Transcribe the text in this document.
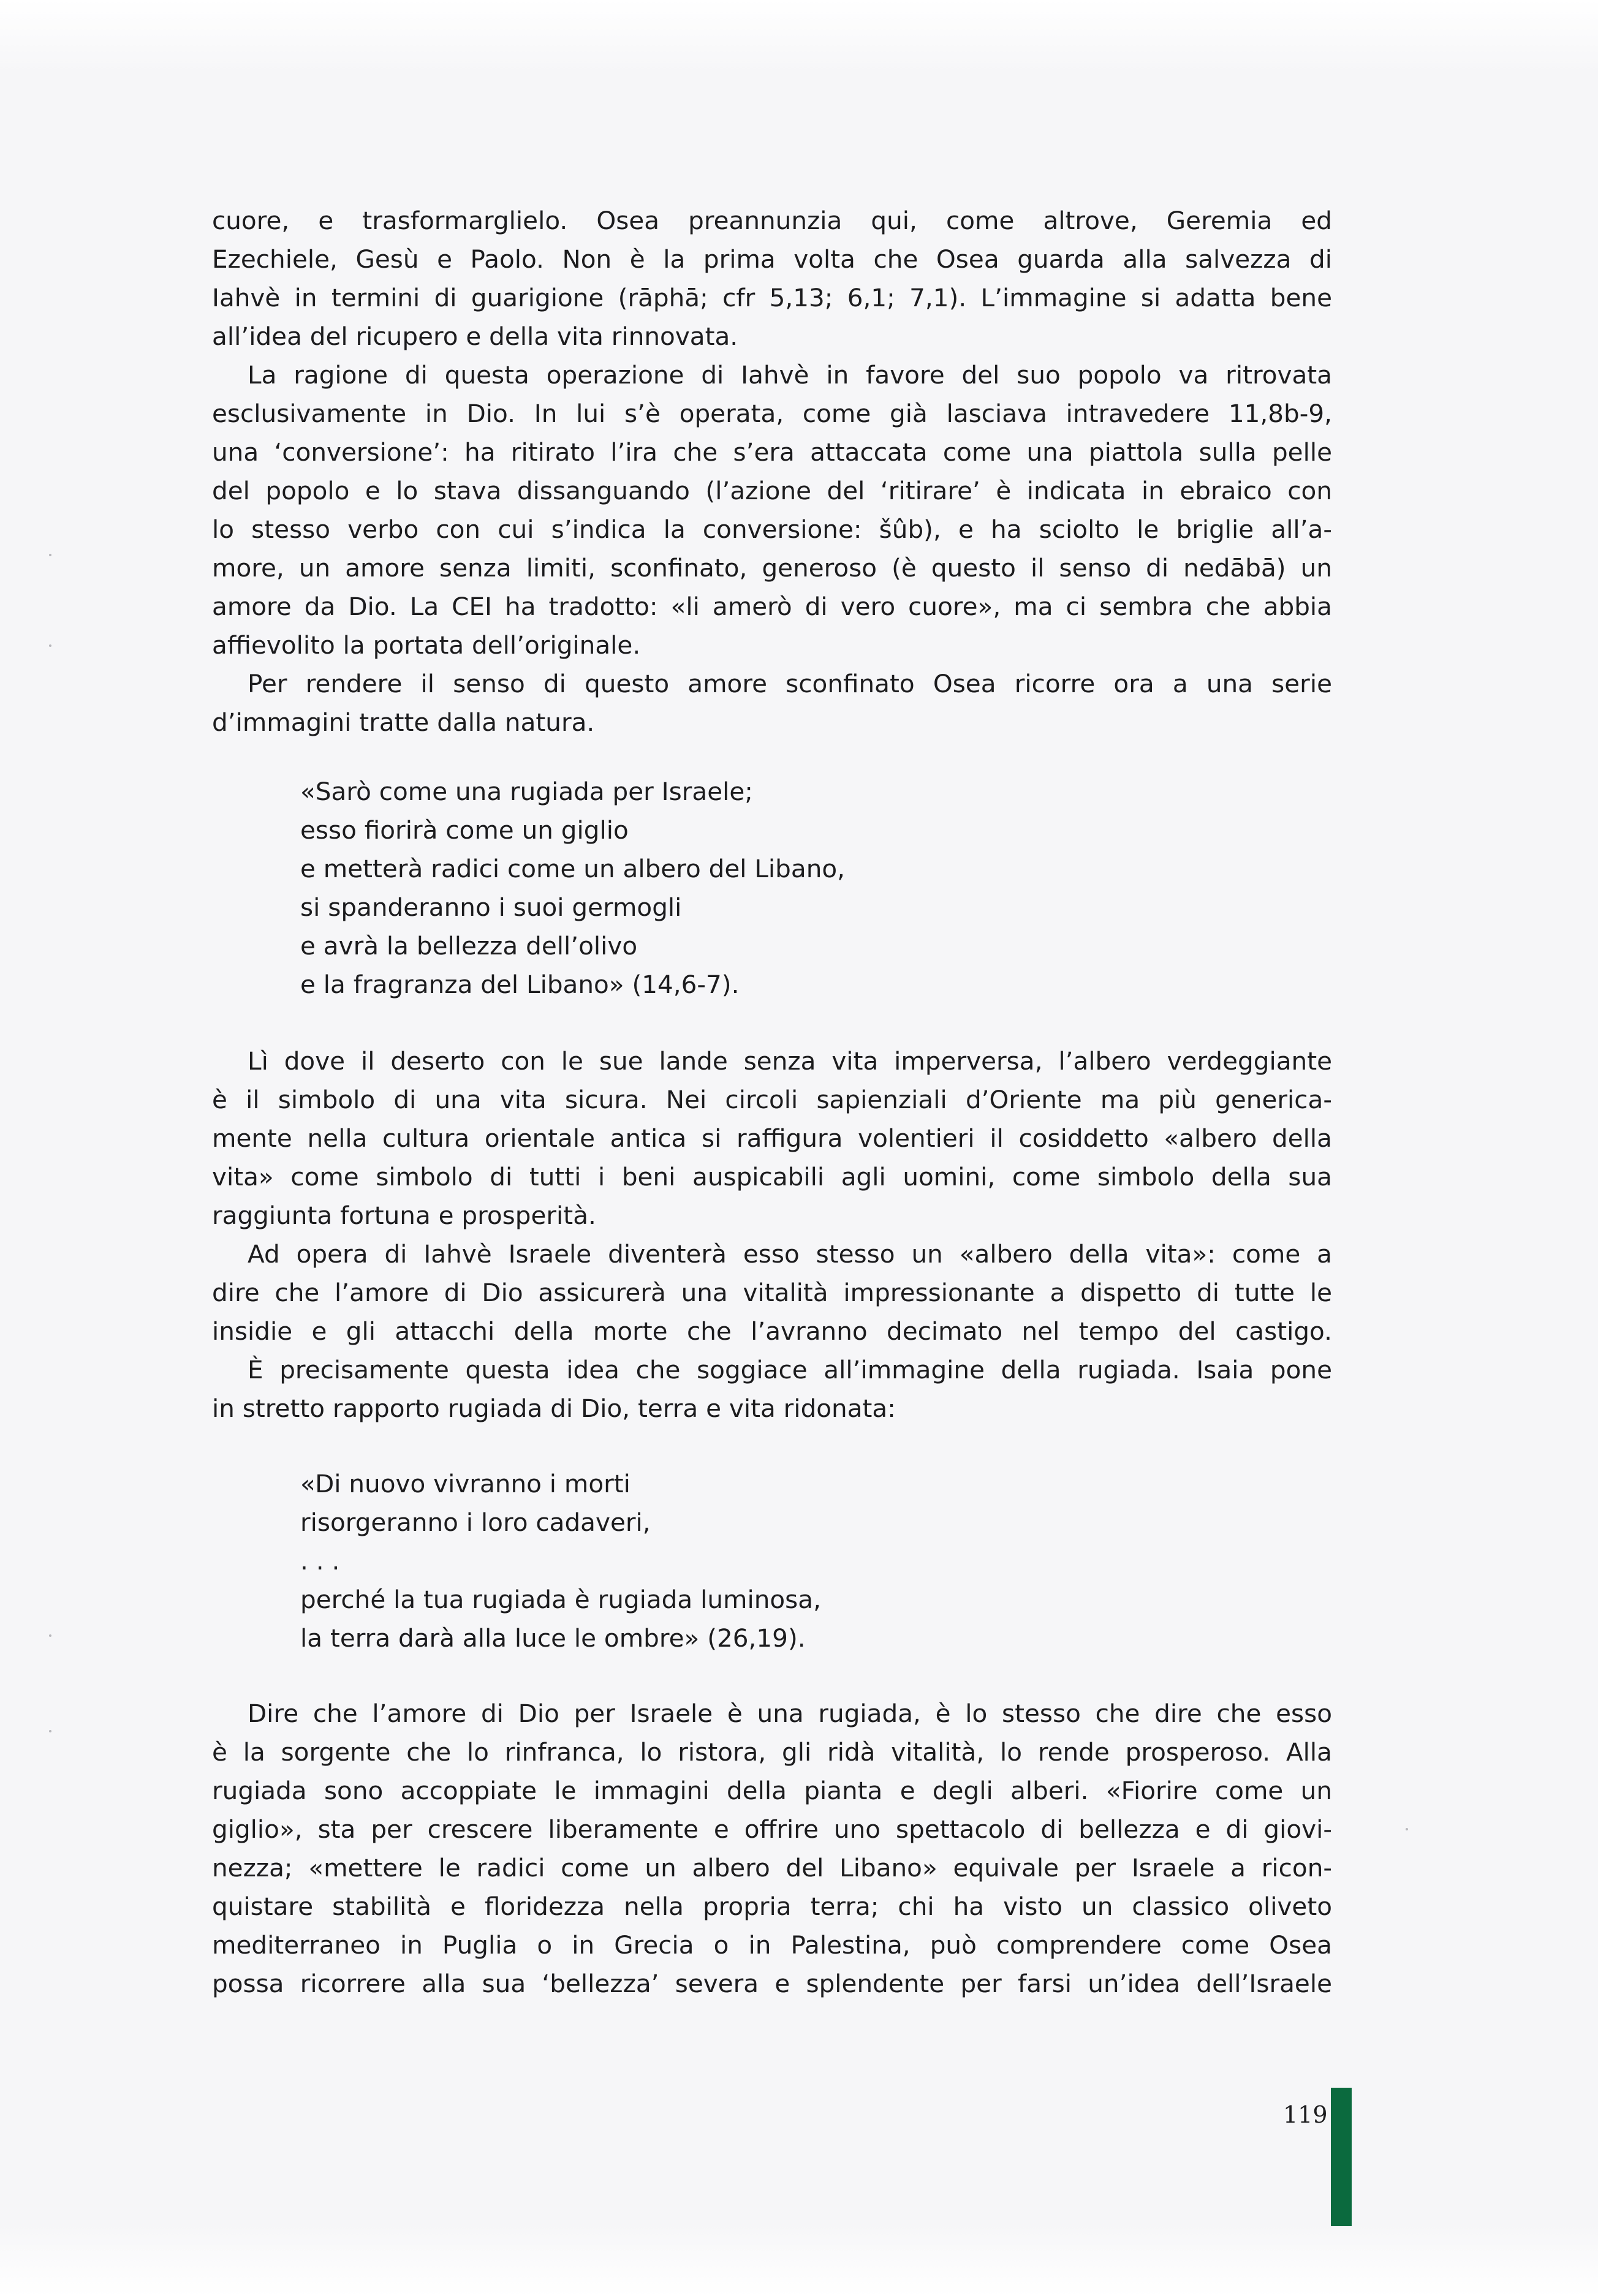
cuore, e trasformarglielo. Osea preannunzia qui, come altrove, Geremia ed

Ezechiele, Gesù e Paolo. Non è la prima volta che Osea guarda alla salvezza di

Iahvè in termini di guarigione (rāphā; cfr 5,13; 6,1; 7,1). L’immagine si adatta bene

all’idea del ricupero e della vita rinnovata.

La ragione di questa operazione di Iahvè in favore del suo popolo va ritrovata

esclusivamente in Dio. In lui s’è operata, come già lasciava intravedere 11,8b-9,

una ‘conversione’: ha ritirato l’ira che s’era attaccata come una piattola sulla pelle

del popolo e lo stava dissanguando (l’azione del ‘ritirare’ è indicata in ebraico con

lo stesso verbo con cui s’indica la conversione: šûb), e ha sciolto le briglie all’a-

more, un amore senza limiti, sconfinato, generoso (è questo il senso di nedābā) un

amore da Dio. La CEI ha tradotto: «li amerò di vero cuore», ma ci sembra che abbia

affievolito la portata dell’originale.

Per rendere il senso di questo amore sconfinato Osea ricorre ora a una serie

d’immagini tratte dalla natura.

«Sarò come una rugiada per Israele;

esso fiorirà come un giglio

e metterà radici come un albero del Libano,

si spanderanno i suoi germogli

e avrà la bellezza dell’olivo

e la fragranza del Libano» (14,6-7).

Lì dove il deserto con le sue lande senza vita imperversa, l’albero verdeggiante

è il simbolo di una vita sicura. Nei circoli sapienziali d’Oriente ma più generica-

mente nella cultura orientale antica si raffigura volentieri il cosiddetto «albero della

vita» come simbolo di tutti i beni auspicabili agli uomini, come simbolo della sua

raggiunta fortuna e prosperità.

Ad opera di Iahvè Israele diventerà esso stesso un «albero della vita»: come a

dire che l’amore di Dio assicurerà una vitalità impressionante a dispetto di tutte le

insidie e gli attacchi della morte che l’avranno decimato nel tempo del castigo.

È precisamente questa idea che soggiace all’immagine della rugiada. Isaia pone

in stretto rapporto rugiada di Dio, terra e vita ridonata:

«Di nuovo vivranno i morti

risorgeranno i loro cadaveri,

. . .

perché la tua rugiada è rugiada luminosa,

la terra darà alla luce le ombre» (26,19).

Dire che l’amore di Dio per Israele è una rugiada, è lo stesso che dire che esso

è la sorgente che lo rinfranca, lo ristora, gli ridà vitalità, lo rende prosperoso. Alla

rugiada sono accoppiate le immagini della pianta e degli alberi. «Fiorire come un

giglio», sta per crescere liberamente e offrire uno spettacolo di bellezza e di giovi-

nezza; «mettere le radici come un albero del Libano» equivale per Israele a ricon-

quistare stabilità e floridezza nella propria terra; chi ha visto un classico oliveto

mediterraneo in Puglia o in Grecia o in Palestina, può comprendere come Osea

possa ricorrere alla sua ‘bellezza’ severa e splendente per farsi un’idea dell’Israele

119
